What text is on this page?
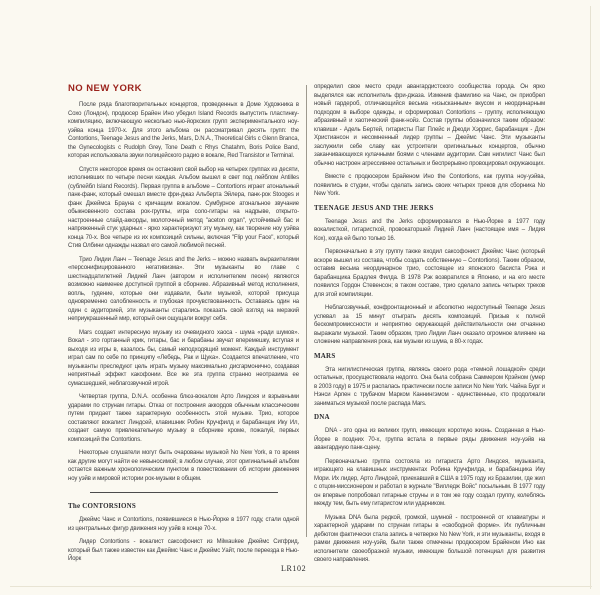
NO NEW YORK

После ряда благотворительных концертов, проведенных в Доме Художника в Сохо (Лондон), продюсер Брайен Ино убедил Island Records выпустить пластинку-компиляцию, включающую несколько нью-йоркских групп экспериментального ноу-уэйва конца 1970-х. Для этого альбома он рассматривал десять групп: the Contortions, Teenage Jesus and the Jerks, Mars, D.N.A., Theoretical Girls с Glenn Branca, the Gynecologists с Rudolph Grey, Tone Death с Rhys Chatahm, Boris Police Band, которая использовала звуки полицейского радио в вокале, Red Transistor и Terminal.

Спустя некоторое время он остановил свой выбор на четырех группах из десяти, исполнивших по четыре песни каждая. Альбом вышел в свет под лейблом Antilles (сублейбл Island Records). Первая группа в альбоме – Contortions играет атональный панк-фанк, который смешал вместе фри-джаз Альберта Эйлера, панк-рок Stooges и фанк Джеймса Брауна с кричащим вокалом. Сумбурное атональное звучание обыкновенного состава рок-группы, игра соло-гитары на надрыве, открыто-настроенные слайд-аккорды, молоточный метод "aceton organ", устойчивый бас и напряженный стук ударных - ярко характеризуют эту музыку, как творение ноу уэйва конца 70-х. Все четыре из их композиций сильны, включая "Flip your Face", который Стив Олбини однажды назвал его самой любимой песней.

Трио Лидии Ланч – Teenage Jesus and the Jerks – можно назвать выразителями «персонифицированного негативизма». Эти музыканты во главе с шестнадцатилетней Лидией Ланч (автором и исполнителем песен) являются возможно наименее доступной группой в сборнике. Абразивный метод исполнения, вопль, гудение, которые они издавали, были музыкой, которой присуща одновременно озлобленность и глубокая прочувствованность. Оставаясь один на один с аудиторией, эти музыканты старались показать свой взгляд на мерзкий неприукрашенный мир, который они ощущали вокруг себя.

Mars создает интересную музыку из очевидного хаоса - шума «ради шумов». Вокал - это гортанный крик, гитары, бас и барабаны звучат вперемешку, вступая и выходя из игры в, казалось бы, самый неподходящий момент. Каждый инструмент играл сам по себе по принципу «Лебедь, Рак и Щука». Создается впечатление, что музыканты преследуют цель играть музыку максимально дисгармонично, создавая неприятный эффект какофонии. Все же эта группа странно неотразима ее сумасшедшей, неблагозвучной игрой.

Четвертая группа, D.N.A. особенна блюз-вокалом Арто Линдсея и взрывными ударами по струнам гитары. Отказ от построения аккордов обычным классическим путем придает также характерную особенность этой музыке. Трио, которое составляют вокалист Линдсей, клавишник Робин Кручфилд и барабанщик Ику Ил, создает самую привлекательную музыку в сборнике кроме, пожалуй, первых композиций the Contortions.

Некоторые слушатели могут быть очарованы музыкой No New York, в то время как другие могут найти ее невыносимой; в любом случае, этот оригинальный альбом остается важным хронологическим пунктом в повествовании об истории движения ноу уэйв и мировой истории рок-музыки в общем.

The CONTORSIONS

Джеймс Чанс и Contortions, появившиеся в Нью-Йорке в 1977 году, стали одной из центральных фигур движения ноу уэйв в конце 70-х.

Лидер Contortions - вокалист саксофонист из Milwaukee Джеймс Сигфрид, который был также известен как Джеймс Чанс и Джеймс Уайт, после переезда в Нью-Йорк

определил свое место среди авангардистского сообщества города. Он ярко выделялся как исполнитель фри-джаза. Изменив фамилию на Чанс, он приобрел новый гардероб, отличающийся весьма «изысканным» вкусом и неординарным подходом в выборе одежды, и сформировал Contortions – группу, исполняющую абразивный и хаотический фанк-нойз. Состав группы обозначился таким образом: клавиши - Адель Бертей, гитаристы Пат Плейс и Джоди Хэррис, барабанщик - Дон Христиансон и несомненный лидер группы – Джеймс Чанс. Эти музыканты заслужили себе славу как устроители оригинальных концертов, обычно заканчивающихся кулачными боями с членами аудитории. Сам нигилист Чанс был обычно настроен агрессивнее остальных и беспрерывно провоцировал окружающих.

Вместе с продюсером Брайеном Ино the Contortions, как группа ноу-уэйва, появились в студии, чтобы сделать запись своих четырех треков для сборника No New York.

TEENAGE JESUS AND THE JERKS

Teenage Jesus and the Jerks сформировался в Нью-Йорке в 1977 году вокалисткой, гитаристкой, провокаторшей Лидией Ланч (настоящее имя – Лидия Кох), когда ей было только 16.

Первоначально в эту группу также входил саксофонист Джеймс Чанс (который вскоре вышел из состава, чтобы создать собственную – Contortions). Таким образом, оставив весьма неординарное трио, состоящее из японского басиста Рэка и барабанщика Брадлея Филда. В 1978 Рэк возвратился в Японию, и на его месте появился Гордон Стевенсон; в таком составе, трио сделало запись четырех треков для этой компиляции.

Неблагозвучный, конфронтационный и абсолютно недоступный Teenage Jesus успевал за 15 минут отыграть десять композиций. Призыв к полной бескомпромиссности и неприятию окружающей действительности они отчаянно выражали музыкой. Таким образом, трио Лидии Ланч оказало огромное влияние на сложение направления рока, как музыки из шума, в 80-х годах.

MARS

Эта нигилистическая группа, являясь своего рода «темной лошадкой» среди остальных, просуществовала недолго. Она была собрана Саммером Крэйном (умер в 2003 году) в 1975 и распалась практически после записи No New York. Чайна Бург и Нэнси Арлен с трубачом Марком Каннингэмом - единственные, кто продолжали заниматься музыкой после распада Mars.

DNA

DNA - это одна из великих групп, имеющих короткую жизнь. Созданная в Нью-Йорке в поздних 70-х, группа встала в первые ряды движения ноу-уэйв на авангардную панк-сцену.

Первоначально группа состояла из гитариста Арто Линдсея, музыканта, играющего на клавишных инструментах Робина Кручфилда, и барабанщика Ику Мори. Их лидер, Арто Линдсей, приехавший в США в 1975 году из Бразилии, где жил с отцом-миссионером и работал в журнале "Вилледж Войс" посыльным. В 1977 году он впервые попробовал гитарные струны и в том же году создал группу, колеблясь между тем, быть ему гитаристом или ударником.

Музыка DNA была редкой, громкой, шумной - построенной от клавиатуры и характерной ударами по струнам гитары в «свободной форме». Их публичным дебютом фактически стала запись в четверке No New York, и эти музыканты, входя в рамки движения ноу-уэйв, были также отмечены продюсером Брайеном Ино как исполнители своеобразной музыки, имеющие большой потенциал для развития своего направления.

LR102
